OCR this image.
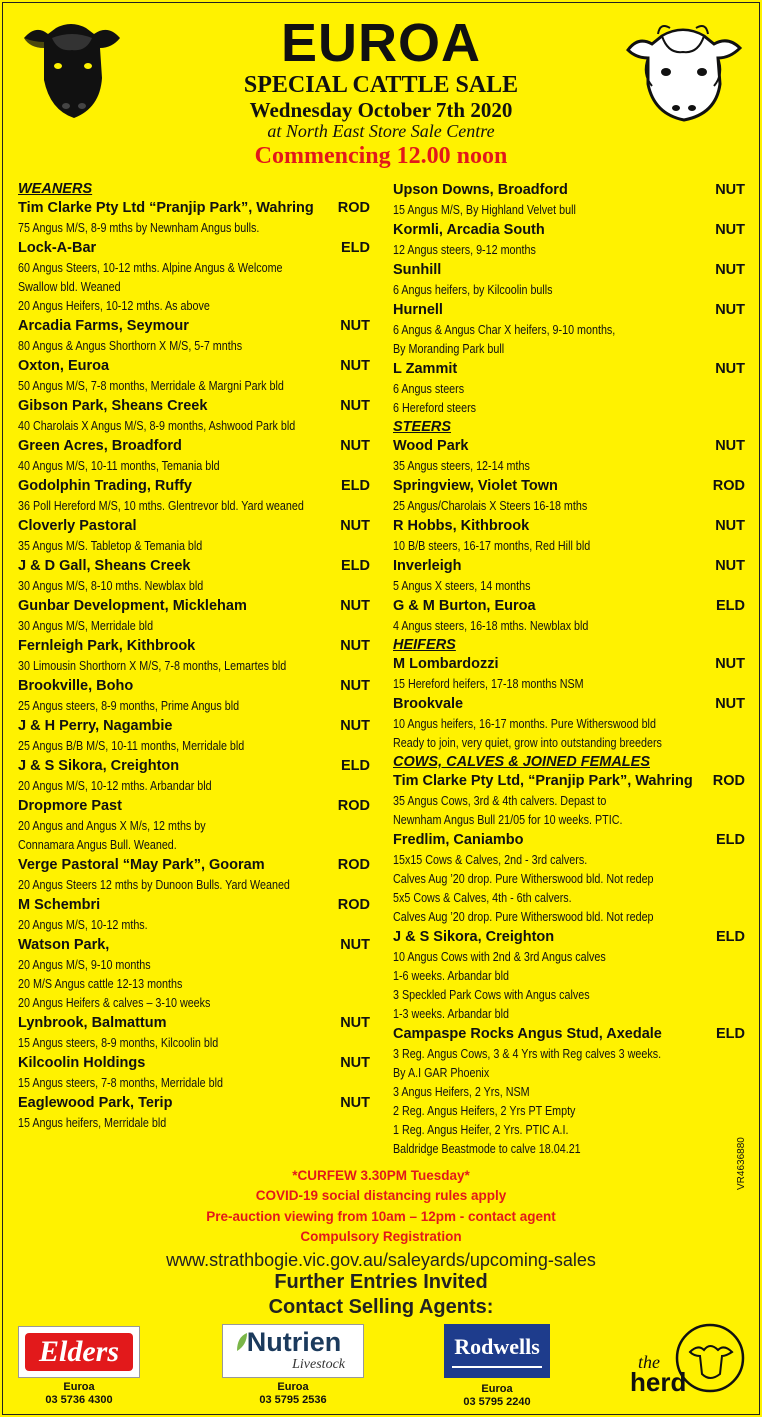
EUROA
SPECIAL CATTLE SALE
Wednesday October 7th 2020
at North East Store Sale Centre
Commencing 12.00 noon
WEANERS
Tim Clarke Pty Ltd “Pranjip Park”, Wahring ROD
75 Angus M/S, 8-9 mths by Newnham Angus bulls.
Lock-A-Bar	ELD
60 Angus Steers, 10-12 mths. Alpine Angus & Welcome
Swallow bld. Weaned
20 Angus Heifers, 10-12 mths. As above
Arcadia Farms, Seymour	NUT
80 Angus & Angus Shorthorn X M/S, 5-7 mnths
Oxton, Euroa	NUT
50 Angus M/S, 7-8 months, Merridale & Margni Park bld
Gibson Park, Sheans Creek	NUT
40 Charolais X Angus M/S, 8-9 months, Ashwood Park bld
Green Acres, Broadford	NUT
40 Angus M/S, 10-11 months, Temania bld
Godolphin Trading, Ruffy	ELD
36 Poll Hereford M/S, 10 mths. Glentrevor bld. Yard weaned
Cloverly Pastoral	NUT
35 Angus M/S. Tabletop & Temania bld
J & D Gall, Sheans Creek	ELD
30 Angus M/S, 8-10 mths. Newblax bld
Gunbar Development, Mickleham	NUT
30 Angus M/S, Merridale bld
Fernleigh Park, Kithbrook	NUT
30 Limousin Shorthorn X M/S, 7-8 months, Lemartes bld
Brookville, Boho	NUT
25 Angus steers, 8-9 months, Prime Angus bld
J & H Perry, Nagambie	NUT
25 Angus B/B M/S, 10-11 months, Merridale bld
J & S Sikora, Creighton	ELD
20 Angus M/S, 10-12 mths. Arbandar bld
Dropmore Past	ROD
20 Angus and Angus X M/s, 12 mths by
Connamara Angus Bull. Weaned.
Verge Pastoral “May Park”, Gooram	ROD
20 Angus Steers 12 mths by Dunoon Bulls. Yard Weaned
M Schembri	ROD
20 Angus M/S, 10-12 mths.
Watson Park,	NUT
20 Angus M/S, 9-10 months
20 M/S Angus cattle 12-13 months
20 Angus Heifers & calves – 3-10 weeks
Lynbrook, Balmattum	NUT
15 Angus steers, 8-9 months, Kilcoolin bld
Kilcoolin Holdings	NUT
15 Angus steers, 7-8 months, Merridale bld
Eaglewood Park, Terip	NUT
15 Angus heifers, Merridale bld
Upson Downs, Broadford	NUT
15 Angus M/S, By Highland Velvet bull
Kormli, Arcadia South	NUT
12 Angus steers, 9-12 months
Sunhill	NUT
6 Angus heifers, by Kilcoolin bulls
Hurnell	NUT
6 Angus & Angus Char X heifers, 9-10 months,
By Moranding Park bull
L Zammit	NUT
6 Angus steers
6 Hereford steers
STEERS
Wood Park	NUT
35 Angus steers, 12-14 mths
Springview, Violet Town	ROD
25 Angus/Charolais X Steers 16-18 mths
R Hobbs, Kithbrook	NUT
10 B/B steers, 16-17 months, Red Hill bld
Inverleigh	NUT
5 Angus X steers, 14 months
G & M Burton, Euroa	ELD
4 Angus steers, 16-18 mths. Newblax bld
HEIFERS
M Lombardozzi	NUT
15 Hereford heifers, 17-18 months NSM
Brookvale	NUT
10 Angus heifers, 16-17 months. Pure Witherswood bld
Ready to join, very quiet, grow into outstanding breeders
COWS, CALVES & JOINED FEMALES
Tim Clarke Pty Ltd, “Pranjip Park”, Wahring ROD
35 Angus Cows, 3rd & 4th calvers. Depast to
Newnham Angus Bull 21/05 for 10 weeks. PTIC.
Fredlim, Caniambo	ELD
15x15 Cows & Calves, 2nd - 3rd calvers.
Calves Aug ’20 drop. Pure Witherswood bld. Not redep
5x5 Cows & Calves, 4th - 6th calvers.
Calves Aug ’20 drop. Pure Witherswood bld. Not redep
J & S Sikora, Creighton	ELD
10 Angus Cows with 2nd & 3rd Angus calves
1-6 weeks. Arbandar bld
3 Speckled Park Cows with Angus calves
1-3 weeks. Arbandar bld
Campaspe Rocks Angus Stud, Axedale	ELD
3 Reg. Angus Cows, 3 & 4 Yrs with Reg calves 3 weeks.
By A.I GAR Phoenix
3 Angus Heifers, 2 Yrs, NSM
2 Reg. Angus Heifers, 2 Yrs PT Empty
1 Reg. Angus Heifer, 2 Yrs. PTIC A.I.
Baldridge Beastmode to calve 18.04.21
*CURFEW 3.30PM Tuesday*
COVID-19 social distancing rules apply
Pre-auction viewing from 10am – 12pm - contact agent
Compulsory Registration
www.strathbogie.vic.gov.au/saleyards/upcoming-sales
Further Entries Invited
Contact Selling Agents:
VR4636880
Elders
Euroa
03 5736 4300
Nutrien
Livestock
Euroa
03 5795 2536
Rodwells
Euroa
03 5795 2240
the
herd
